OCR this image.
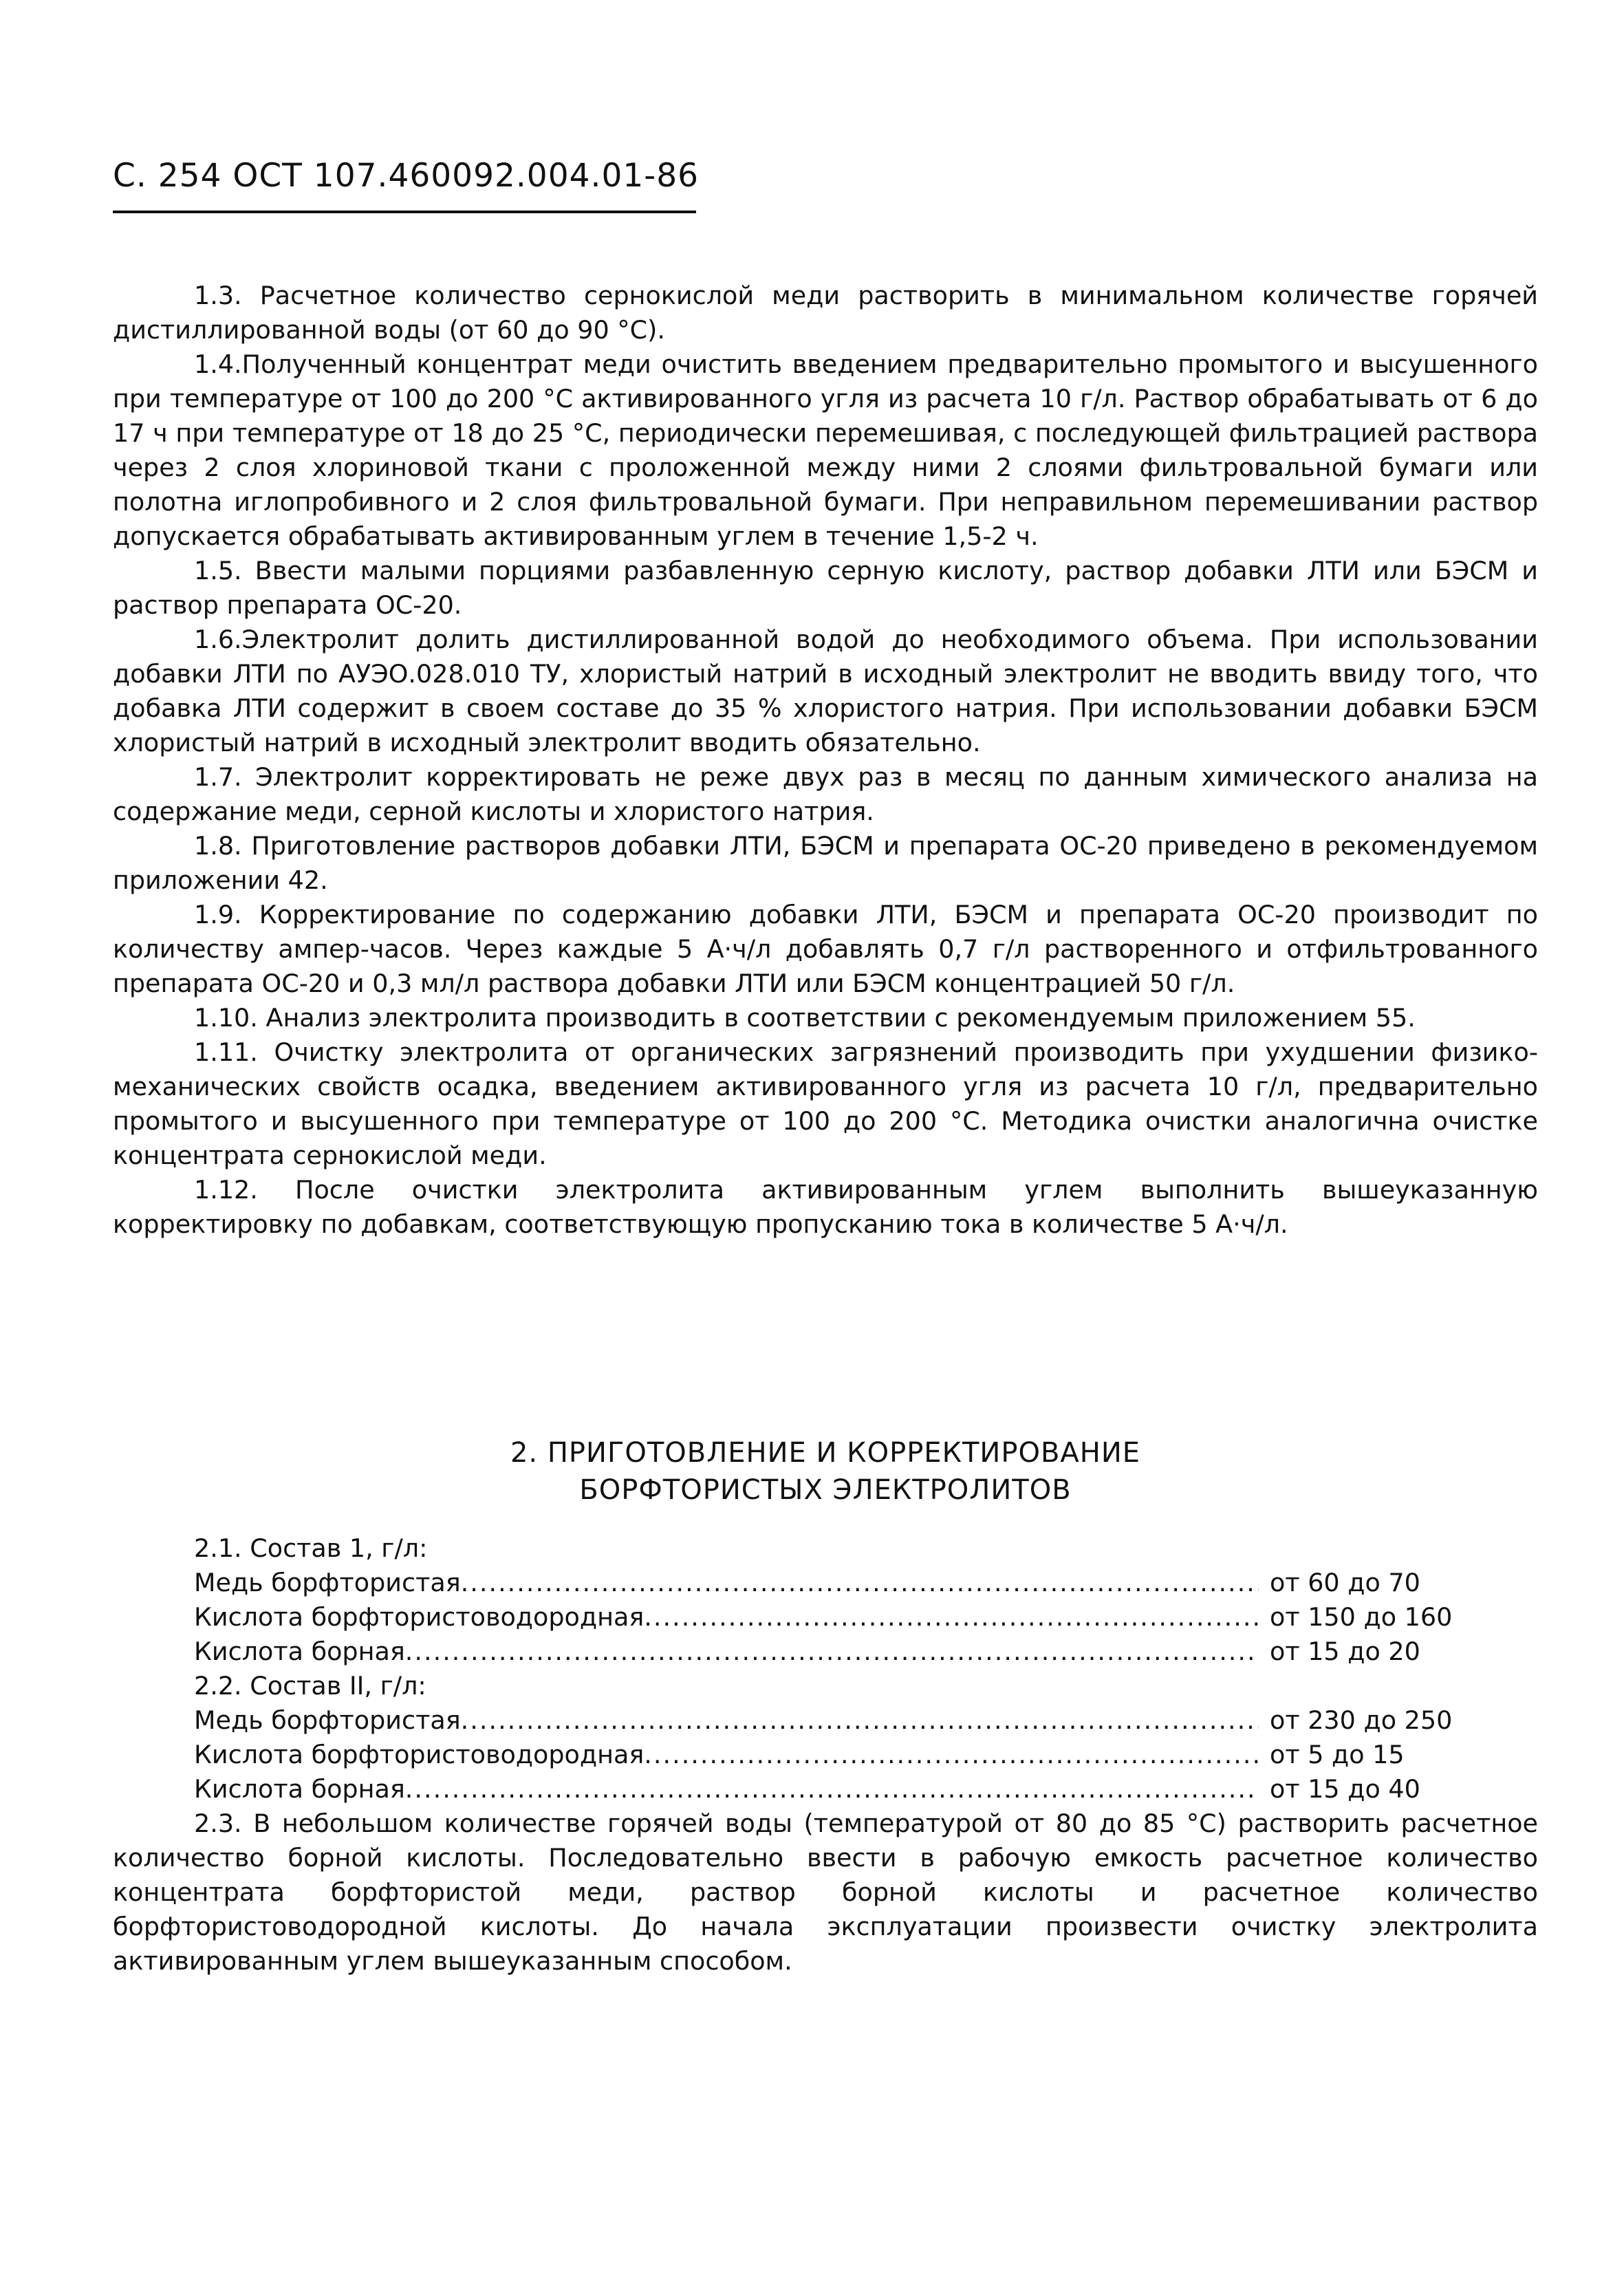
С. 254 ОСТ 107.460092.004.01-86

1.3. Расчетное количество сернокислой меди растворить в минимальном количестве горячей дистиллированной воды (от 60 до 90 °С).

1.4.Полученный концентрат меди очистить введением предварительно промытого и высушенного при температуре от 100 до 200 °С активированного угля из расчета 10 г/л. Раствор обрабатывать от 6 до 17 ч при температуре от 18 до 25 °С, периодически перемешивая, с последующей фильтрацией раствора через 2 слоя хлориновой ткани с проложенной между ними 2 слоями фильтровальной бумаги или полотна иглопробивного и 2 слоя фильтровальной бумаги. При неправильном перемешивании раствор допускается обрабатывать активированным углем в течение 1,5-2 ч.

1.5. Ввести малыми порциями разбавленную серную кислоту, раствор добавки ЛТИ или БЭСМ и раствор препарата ОС-20.

1.6.Электролит долить дистиллированной водой до необходимого объема. При использовании добавки ЛТИ по АУЭО.028.010 ТУ, хлористый натрий в исходный электролит не вводить ввиду того, что добавка ЛТИ содержит в своем составе до 35 % хлористого натрия. При использовании добавки БЭСМ хлористый натрий в исходный электролит вводить обязательно.

1.7. Электролит корректировать не реже двух раз в месяц по данным химического анализа на содержание меди, серной кислоты и хлористого натрия.

1.8. Приготовление растворов добавки ЛТИ, БЭСМ и препарата ОС-20 приведено в рекомендуемом приложении 42.

1.9. Корректирование по содержанию добавки ЛТИ, БЭСМ и препарата ОС-20 производит по количеству ампер-часов. Через каждые 5 А·ч/л добавлять 0,7 г/л растворенного и отфильтрованного препарата ОС-20 и 0,3 мл/л раствора добавки ЛТИ или БЭСМ концентрацией 50 г/л.

1.10. Анализ электролита производить в соответствии с рекомендуемым приложением 55.

1.11. Очистку электролита от органических загрязнений производить при ухудшении физико-механических свойств осадка, введением активированного угля из расчета 10 г/л, предварительно промытого и высушенного при температуре от 100 до 200 °С. Методика очистки аналогична очистке концентрата сернокислой меди.

1.12. После очистки электролита активированным углем выполнить вышеуказанную корректировку по добавкам, соответствующую пропусканию тока в количестве 5 А·ч/л.

2. ПРИГОТОВЛЕНИЕ И КОРРЕКТИРОВАНИЕ
БОРФТОРИСТЫХ ЭЛЕКТРОЛИТОВ
2.1. Состав 1, г/л:
Медь борфтористая .....	от 60 до 70
Кислота борфтористоводородная .....	от 150 до 160
Кислота борная .....	от 15 до 20
2.2. Состав II, г/л:
Медь борфтористая .....	от 230 до 250
Кислота борфтористоводородная .....	от 5 до 15
Кислота борная .....	от 15 до 40

2.3. В небольшом количестве горячей воды (температурой от 80 до 85 °С) растворить расчетное количество борной кислоты. Последовательно ввести в рабочую емкость расчетное количество концентрата борфтористой меди, раствор борной кислоты и расчетное количество борфтористоводородной кислоты. До начала эксплуатации произвести очистку электролита активированным углем вышеуказанным способом.
